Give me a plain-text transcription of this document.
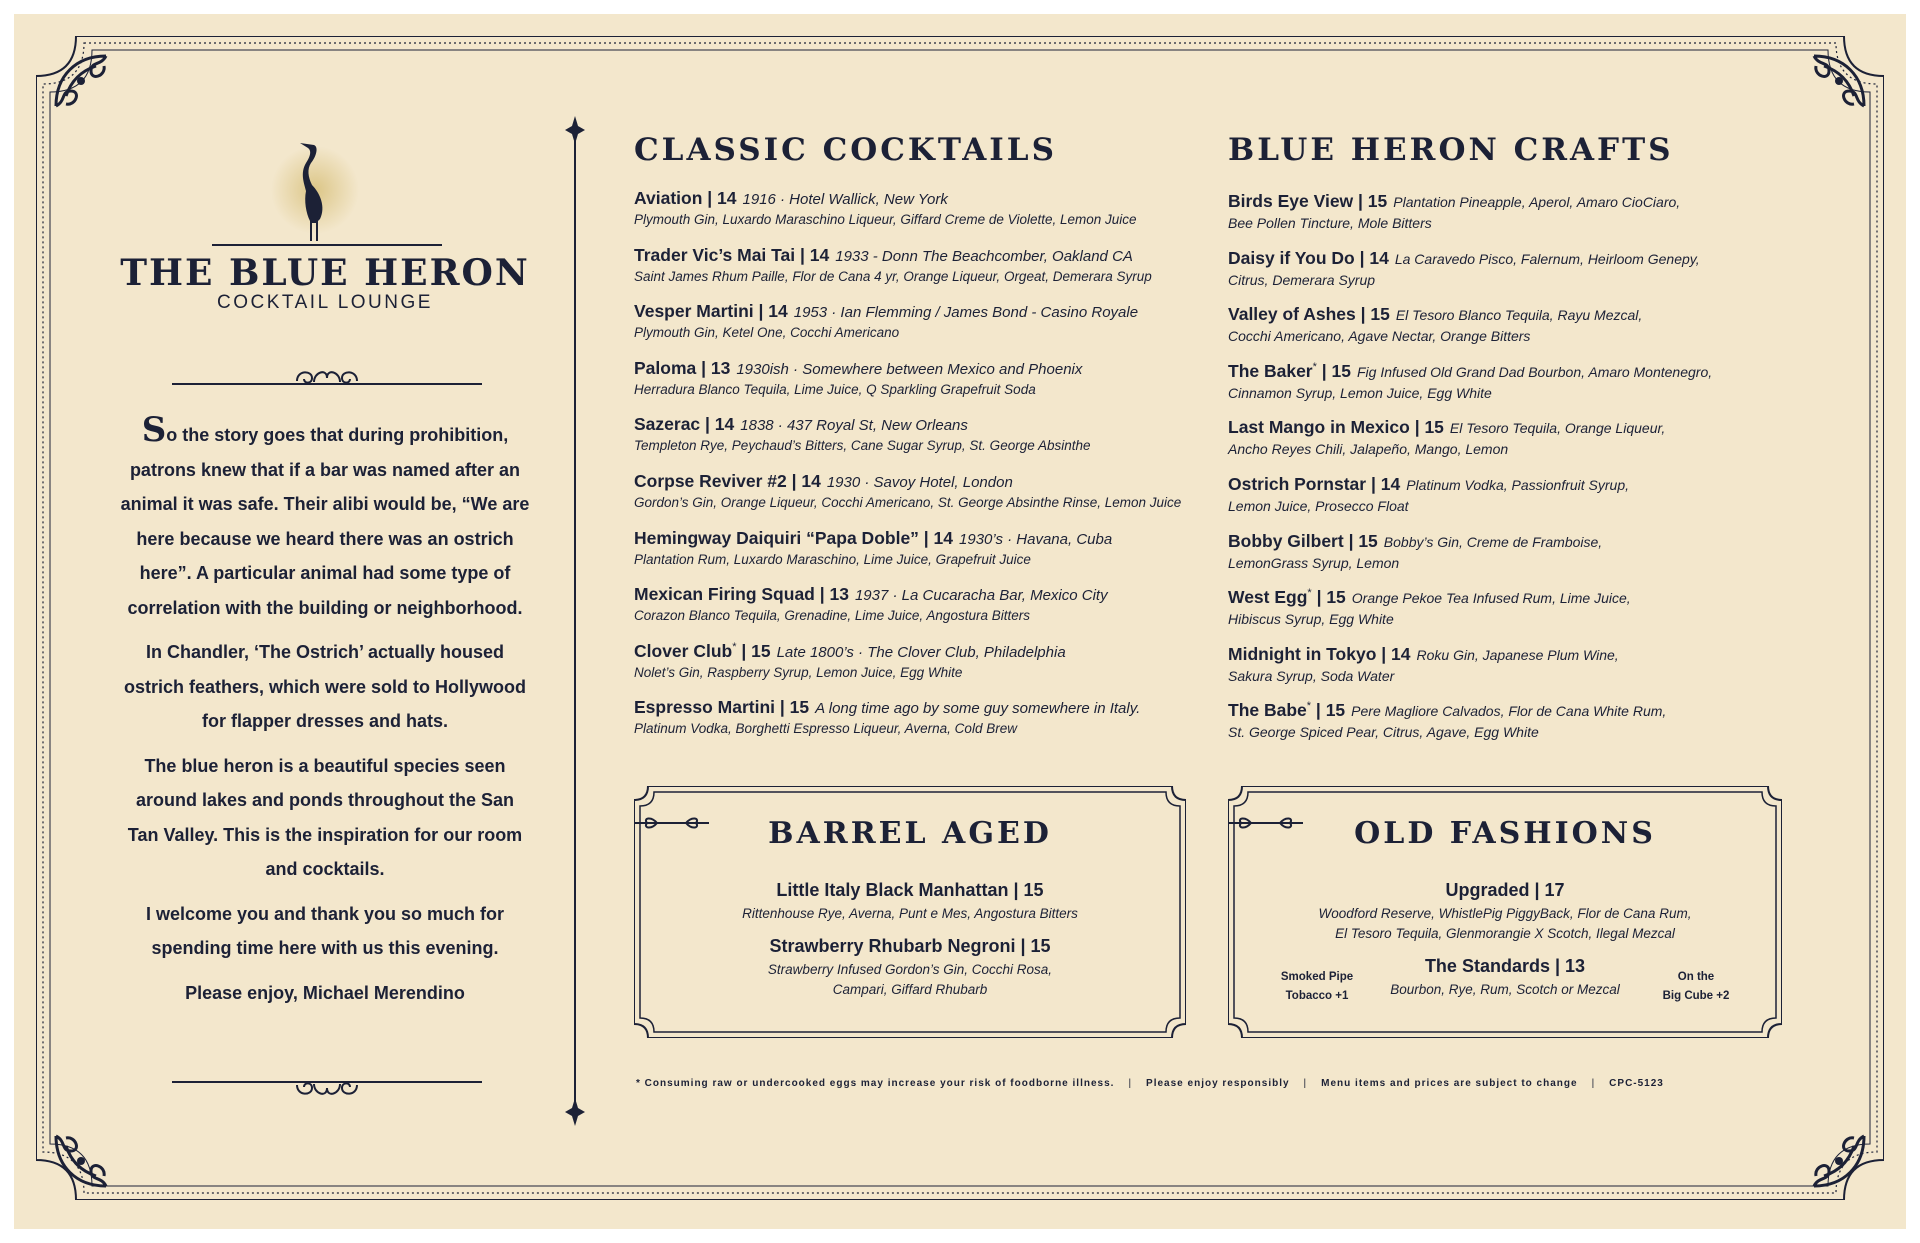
THE BLUE HERON
COCKTAIL LOUNGE

So the story goes that during prohibition, patrons knew that if a bar was named after an animal it was safe. Their alibi would be, “We are here because we heard there was an ostrich here”. A particular animal had some type of correlation with the building or neighborhood.

In Chandler, ‘The Ostrich’ actually housed ostrich feathers, which were sold to Hollywood for flapper dresses and hats.

The blue heron is a beautiful species seen around lakes and ponds throughout the San Tan Valley. This is the inspiration for our room and cocktails.

I welcome you and thank you so much for spending time here with us this evening.

Please enjoy, Michael Merendino

CLASSIC COCKTAILS
Aviation | 14 1916 · Hotel Wallick, New York
Plymouth Gin, Luxardo Maraschino Liqueur, Giffard Creme de Violette, Lemon Juice
Trader Vic’s Mai Tai | 14 1933 - Donn The Beachcomber, Oakland CA
Saint James Rhum Paille, Flor de Cana 4 yr, Orange Liqueur, Orgeat, Demerara Syrup
Vesper Martini | 14 1953 · Ian Flemming / James Bond - Casino Royale
Plymouth Gin, Ketel One, Cocchi Americano
Paloma | 13 1930ish · Somewhere between Mexico and Phoenix
Herradura Blanco Tequila, Lime Juice, Q Sparkling Grapefruit Soda
Sazerac | 14 1838 · 437 Royal St, New Orleans
Templeton Rye, Peychaud’s Bitters, Cane Sugar Syrup, St. George Absinthe
Corpse Reviver #2 | 14 1930 · Savoy Hotel, London
Gordon’s Gin, Orange Liqueur, Cocchi Americano, St. George Absinthe Rinse, Lemon Juice
Hemingway Daiquiri “Papa Doble” | 14 1930’s · Havana, Cuba
Plantation Rum, Luxardo Maraschino, Lime Juice, Grapefruit Juice
Mexican Firing Squad | 13 1937 · La Cucaracha Bar, Mexico City
Corazon Blanco Tequila, Grenadine, Lime Juice, Angostura Bitters
Clover Club* | 15 Late 1800’s · The Clover Club, Philadelphia
Nolet’s Gin, Raspberry Syrup, Lemon Juice, Egg White
Espresso Martini | 15 A long time ago by some guy somewhere in Italy.
Platinum Vodka, Borghetti Espresso Liqueur, Averna, Cold Brew
BLUE HERON CRAFTS
Birds Eye View | 15 Plantation Pineapple, Aperol, Amaro CioCiaro,
Bee Pollen Tincture, Mole Bitters
Daisy if You Do | 14 La Caravedo Pisco, Falernum, Heirloom Genepy,
Citrus, Demerara Syrup
Valley of Ashes | 15 El Tesoro Blanco Tequila, Rayu Mezcal,
Cocchi Americano, Agave Nectar, Orange Bitters
The Baker* | 15 Fig Infused Old Grand Dad Bourbon, Amaro Montenegro,
Cinnamon Syrup, Lemon Juice, Egg White
Last Mango in Mexico | 15 El Tesoro Tequila, Orange Liqueur,
Ancho Reyes Chili, Jalapeño, Mango, Lemon
Ostrich Pornstar | 14 Platinum Vodka, Passionfruit Syrup,
Lemon Juice, Prosecco Float
Bobby Gilbert | 15 Bobby’s Gin, Creme de Framboise,
LemonGrass Syrup, Lemon
West Egg* | 15 Orange Pekoe Tea Infused Rum, Lime Juice,
Hibiscus Syrup, Egg White
Midnight in Tokyo | 14 Roku Gin, Japanese Plum Wine,
Sakura Syrup, Soda Water
The Babe* | 15 Pere Magliore Calvados, Flor de Cana White Rum,
St. George Spiced Pear, Citrus, Agave, Egg White
BARREL AGED
Little Italy Black Manhattan | 15
Rittenhouse Rye, Averna, Punt e Mes, Angostura Bitters
Strawberry Rhubarb Negroni | 15
Strawberry Infused Gordon’s Gin, Cocchi Rosa,
Campari, Giffard Rhubarb
OLD FASHIONS
Upgraded | 17
Woodford Reserve, WhistlePig PiggyBack, Flor de Cana Rum,
El Tesoro Tequila, Glenmorangie X Scotch, Ilegal Mezcal
The Standards | 13
Bourbon, Rye, Rum, Scotch or Mezcal
Smoked Pipe
Tobacco +1
On the
Big Cube +2
* Consuming raw or undercooked eggs may increase your risk of foodborne illness. | Please enjoy responsibly | Menu items and prices are subject to change | CPC-5123
